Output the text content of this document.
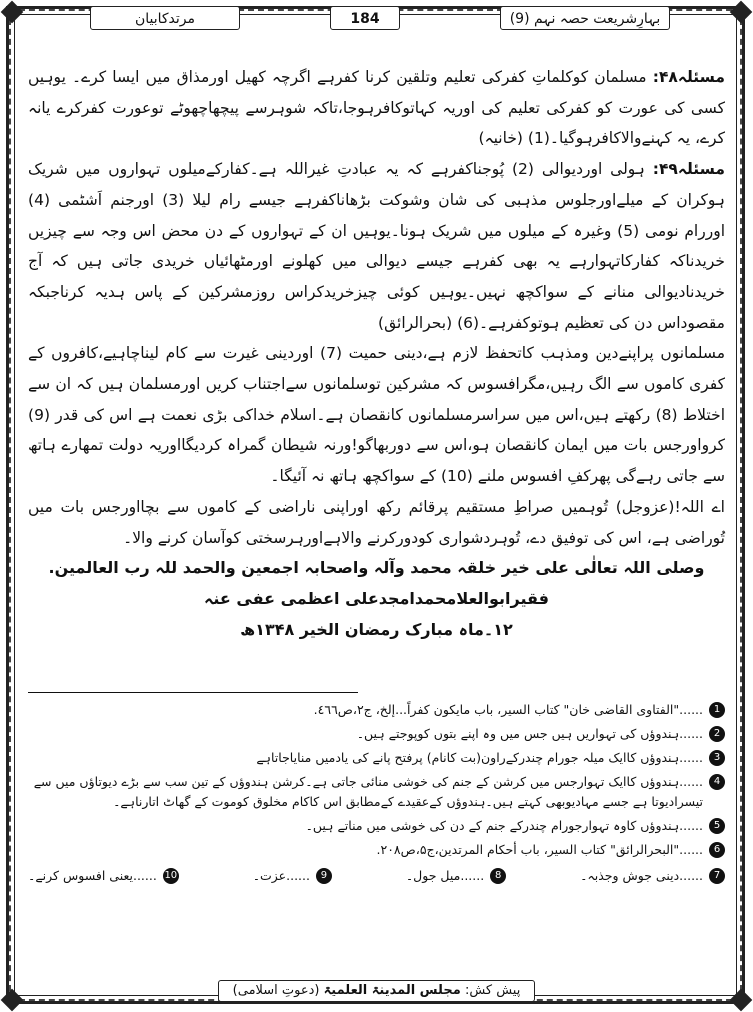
مرتدکابیان	184	بہارِشریعت حصہ نہم (9)

مسئلہ۴۸: مسلمان کوکلماتِ کفرکی تعلیم وتلقین کرنا کفرہے اگرچہ کھیل اورمذاق میں ایسا کرے۔ یوہیں کسی کی عورت کو کفرکی تعلیم کی اوریہ کہاتوکافرہوجا،تاکہ شوہرسے پیچھاچھوٹے توعورت کفرکرے یانہ کرے، یہ کہنےوالاکافرہوگیا۔(1) (خانیہ)

مسئلہ۴۹: ہولی اوردیوالی (2) پُوجناکفرہے کہ یہ عبادتِ غیراللہ ہے۔کفارکےمیلوں تہواروں میں شریک ہوکران کے میلےاورجلوس مذہبی کی شان وشوکت بڑھاناکفرہے جیسے رام لیلا (3) اورجنم اَشٹمی (4) اوررام نومی (5) وغیرہ کے میلوں میں شریک ہونا۔یوہیں ان کے تہواروں کے دن محض اس وجہ سے چیزیں خریدناکہ کفارکاتہوارہے یہ بھی کفرہے جیسے دیوالی میں کھلونے اورمٹھائیاں خریدی جاتی ہیں کہ آج خریدنادیوالی منانے کے سواکچھ نہیں۔یوہیں کوئی چیزخریدکراس روزمشرکین کے پاس ہدیہ کرناجبکہ مقصوداس دن کی تعظیم ہوتوکفرہے۔(6) (بحرالرائق)

مسلمانوں پراپنےدین ومذہب کاتحفظ لازم ہے،دینی حمیت (7) اوردینی غیرت سے کام لیناچاہیے،کافروں کے کفری کاموں سے الگ رہیں،مگرافسوس کہ مشرکین توسلمانوں سےاجتناب کریں اورمسلمان ہیں کہ ان سے اختلاط (8) رکھتے ہیں،اس میں سراسرمسلمانوں کانقصان ہے۔اسلام خداکی بڑی نعمت ہے اس کی قدر (9) کرواورجس بات میں ایمان کانقصان ہو،اس سے دوربھاگو!ورنہ شیطان گمراہ کردیگااوریہ دولت تمھارے ہاتھ سے جاتی رہےگی پھرکفِ افسوس ملنے (10) کے سواکچھ ہاتھ نہ آئیگا۔

اے اللہ!(عزوجل) تُوہمیں صراطِ مستقیم پرقائم رکھ اوراپنی ناراضی کے کاموں سے بچااورجس بات میں تُوراضی ہے، اس کی توفیق دے، تُوہردشواری کودورکرنے والاہےاورہرسختی کوآسان کرنے والا۔

وصلی اللہ تعالٰی علی خیر خلقہ محمد وآلہ واصحابہ اجمعین والحمد للہ رب العالمین.

فقیرابوالعلامحمدامجدعلی اعظمی عفی عنہ

۱۲۔ماہ مبارک رمضان الخیر ۱۳۴۸ھ

1
......"الفتاوی القاضی خان" کتاب السیر، باب مایکون کفراً...إلخ، ج۲،ص٤٦٦.
2
......ہندوؤں کی تہواریں ہیں جس میں وہ اپنے بتوں کوپوجتے ہیں۔
3
......ہندوؤں کاایک میلہ جورام چندرکےراون(بت کانام) پرفتح پانے کی یادمیں منایاجاتاہے
4
......ہندوؤں کاایک تہوارجس میں کرشن کے جنم کی خوشی منائی جاتی ہے۔کرشن ہندوؤں کے تین سب سے بڑے دیوتاؤں میں سے تیسرادیوتا ہے جسے مہادیوبھی کہتے ہیں۔ہندوؤں کےعقیدے کےمطابق اس کاکام مخلوق کوموت کے گھاٹ اتارناہے۔
5
......ہندوؤں کاوہ تہوارجورام چندرکے جنم کے دن کی خوشی میں مناتے ہیں۔
6
......"البحرالرائق" کتاب السیر، باب أحکام المرتدین،ج۵،ص۲۰۸.
7
......دینی جوش وجذبہ۔
8
......میل جول۔
9
......عزت۔
10
......یعنی افسوس کرنے۔
پیش کش: مجلس المدینۃ العلمیۃ (دعوتِ اسلامی)
